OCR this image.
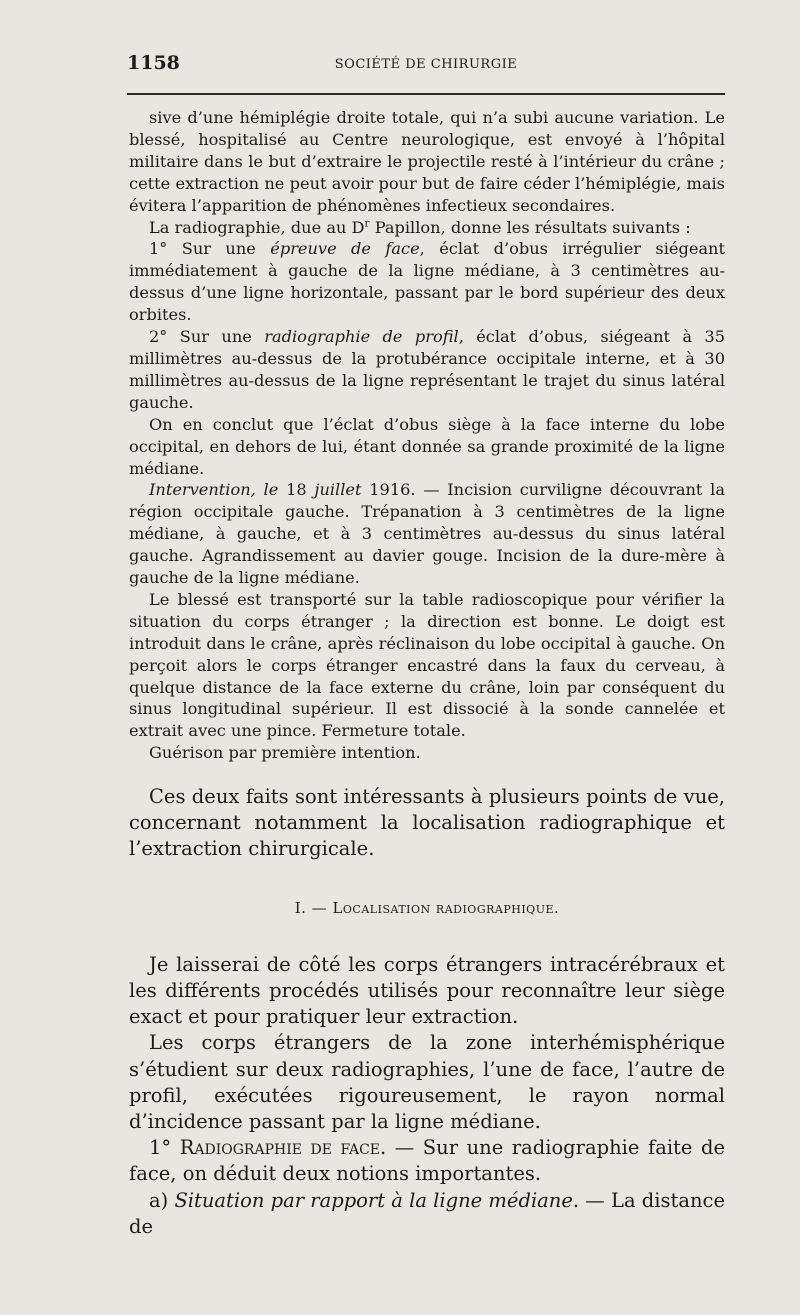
1158	SOCIÉTÉ DE CHIRURGIE

sive d’une hémiplégie droite totale, qui n’a subi aucune variation. Le blessé, hospitalisé au Centre neurologique, est envoyé à l’hôpital militaire dans le but d’extraire le projectile resté à l’intérieur du crâne ; cette extraction ne peut avoir pour but de faire céder l’hémiplégie, mais évitera l’apparition de phénomènes infectieux secondaires.

La radiographie, due au $D^r$ Papillon, donne les résultats suivants :

1° Sur une épreuve de face, éclat d’obus irrégulier siégeant immédiatement à gauche de la ligne médiane, à 3 centimètres au-dessus d’une ligne horizontale, passant par le bord supérieur des deux orbites.

2° Sur une radiographie de profil, éclat d’obus, siégeant à 35 millimètres au-dessus de la protubérance occipitale interne, et à 30 millimètres au-dessus de la ligne représentant le trajet du sinus latéral gauche.

On en conclut que l’éclat d’obus siège à la face interne du lobe occipital, en dehors de lui, étant donnée sa grande proximité de la ligne médiane.

Intervention, le 18 juillet 1916. — Incision curviligne découvrant la région occipitale gauche. Trépanation à 3 centimètres de la ligne médiane, à gauche, et à 3 centimètres au-dessus du sinus latéral gauche. Agrandissement au davier gouge. Incision de la dure-mère à gauche de la ligne médiane.

Le blessé est transporté sur la table radioscopique pour vérifier la situation du corps étranger ; la direction est bonne. Le doigt est introduit dans le crâne, après réclinaison du lobe occipital à gauche. On perçoit alors le corps étranger encastré dans la faux du cerveau, à quelque distance de la face externe du crâne, loin par conséquent du sinus longitudinal supérieur. Il est dissocié à la sonde cannelée et extrait avec une pince. Fermeture totale.

Guérison par première intention.

Ces deux faits sont intéressants à plusieurs points de vue, concernant notamment la localisation radiographique et l’extraction chirurgicale.

I. — Localisation radiographique.

Je laisserai de côté les corps étrangers intracérébraux et les différents procédés utilisés pour reconnaître leur siège exact et pour pratiquer leur extraction.

Les corps étrangers de la zone interhémisphérique s’étudient sur deux radiographies, l’une de face, l’autre de profil, exécutées rigoureusement, le rayon normal d’incidence passant par la ligne médiane.

1° Radiographie de face. — Sur une radiographie faite de face, on déduit deux notions importantes.

a) Situation par rapport à la ligne médiane. — La distance de
